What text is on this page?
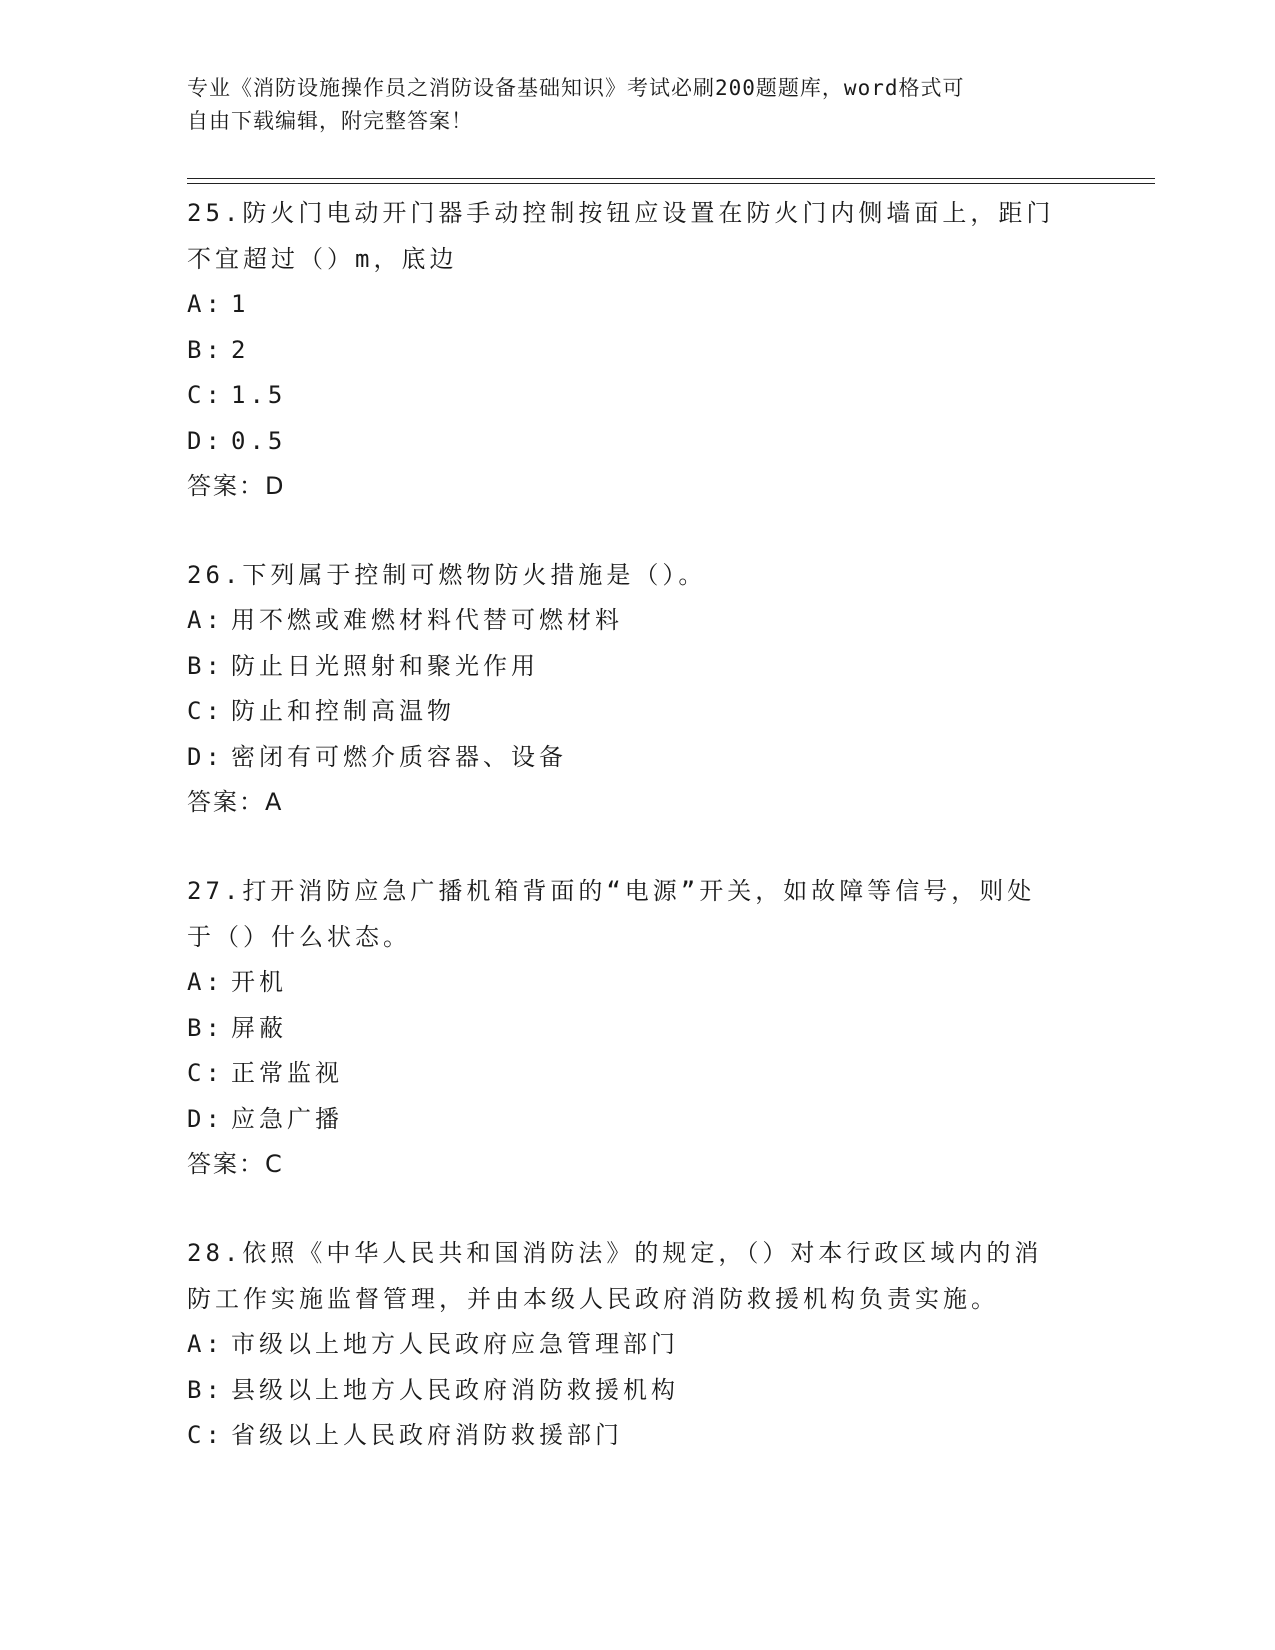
专业《消防设施操作员之消防设备基础知识》考试必刷200题题库，word格式可

自由下载编辑，附完整答案！

25.防火门电动开门器手动控制按钮应设置在防火门内侧墙面上，距门

不宜超过（）m，底边

A: 1
B: 2
C: 1.5
D: 0.5
答案：D

26.下列属于控制可燃物防火措施是（）。

A: 用不燃或难燃材料代替可燃材料
B: 防止日光照射和聚光作用
C: 防止和控制高温物
D: 密闭有可燃介质容器、设备
答案：A

27.打开消防应急广播机箱背面的“电源”开关，如故障等信号，则处

于（）什么状态。

A: 开机
B: 屏蔽
C: 正常监视
D: 应急广播
答案：C

28.依照《中华人民共和国消防法》的规定，（）对本行政区域内的消

防工作实施监督管理，并由本级人民政府消防救援机构负责实施。

A: 市级以上地方人民政府应急管理部门
B: 县级以上地方人民政府消防救援机构
C: 省级以上人民政府消防救援部门
